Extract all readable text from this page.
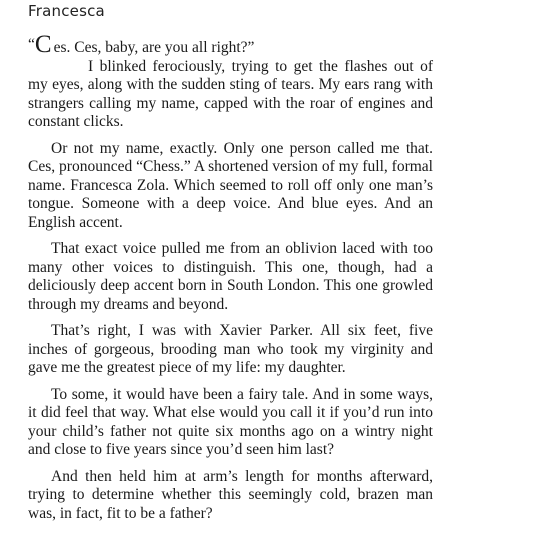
Francesca

“C es. Ces, baby, are you all right?”

I blinked ferociously, trying to get the flashes out of my eyes, along with the sudden sting of tears. My ears rang with strangers calling my name, capped with the roar of engines and constant clicks.

Or not my name, exactly. Only one person called me that. Ces, pronounced “Chess.” A shortened version of my full, formal name. Francesca Zola. Which seemed to roll off only one man’s tongue. Someone with a deep voice. And blue eyes. And an English accent.

That exact voice pulled me from an oblivion laced with too many other voices to distinguish. This one, though, had a deliciously deep accent born in South London. This one growled through my dreams and beyond.

That’s right, I was with Xavier Parker. All six feet, five inches of gorgeous, brooding man who took my virginity and gave me the greatest piece of my life: my daughter.

To some, it would have been a fairy tale. And in some ways, it did feel that way. What else would you call it if you’d run into your child’s father not quite six months ago on a wintry night and close to five years since you’d seen him last?

And then held him at arm’s length for months afterward, trying to determine whether this seemingly cold, brazen man was, in fact, fit to be a father?
